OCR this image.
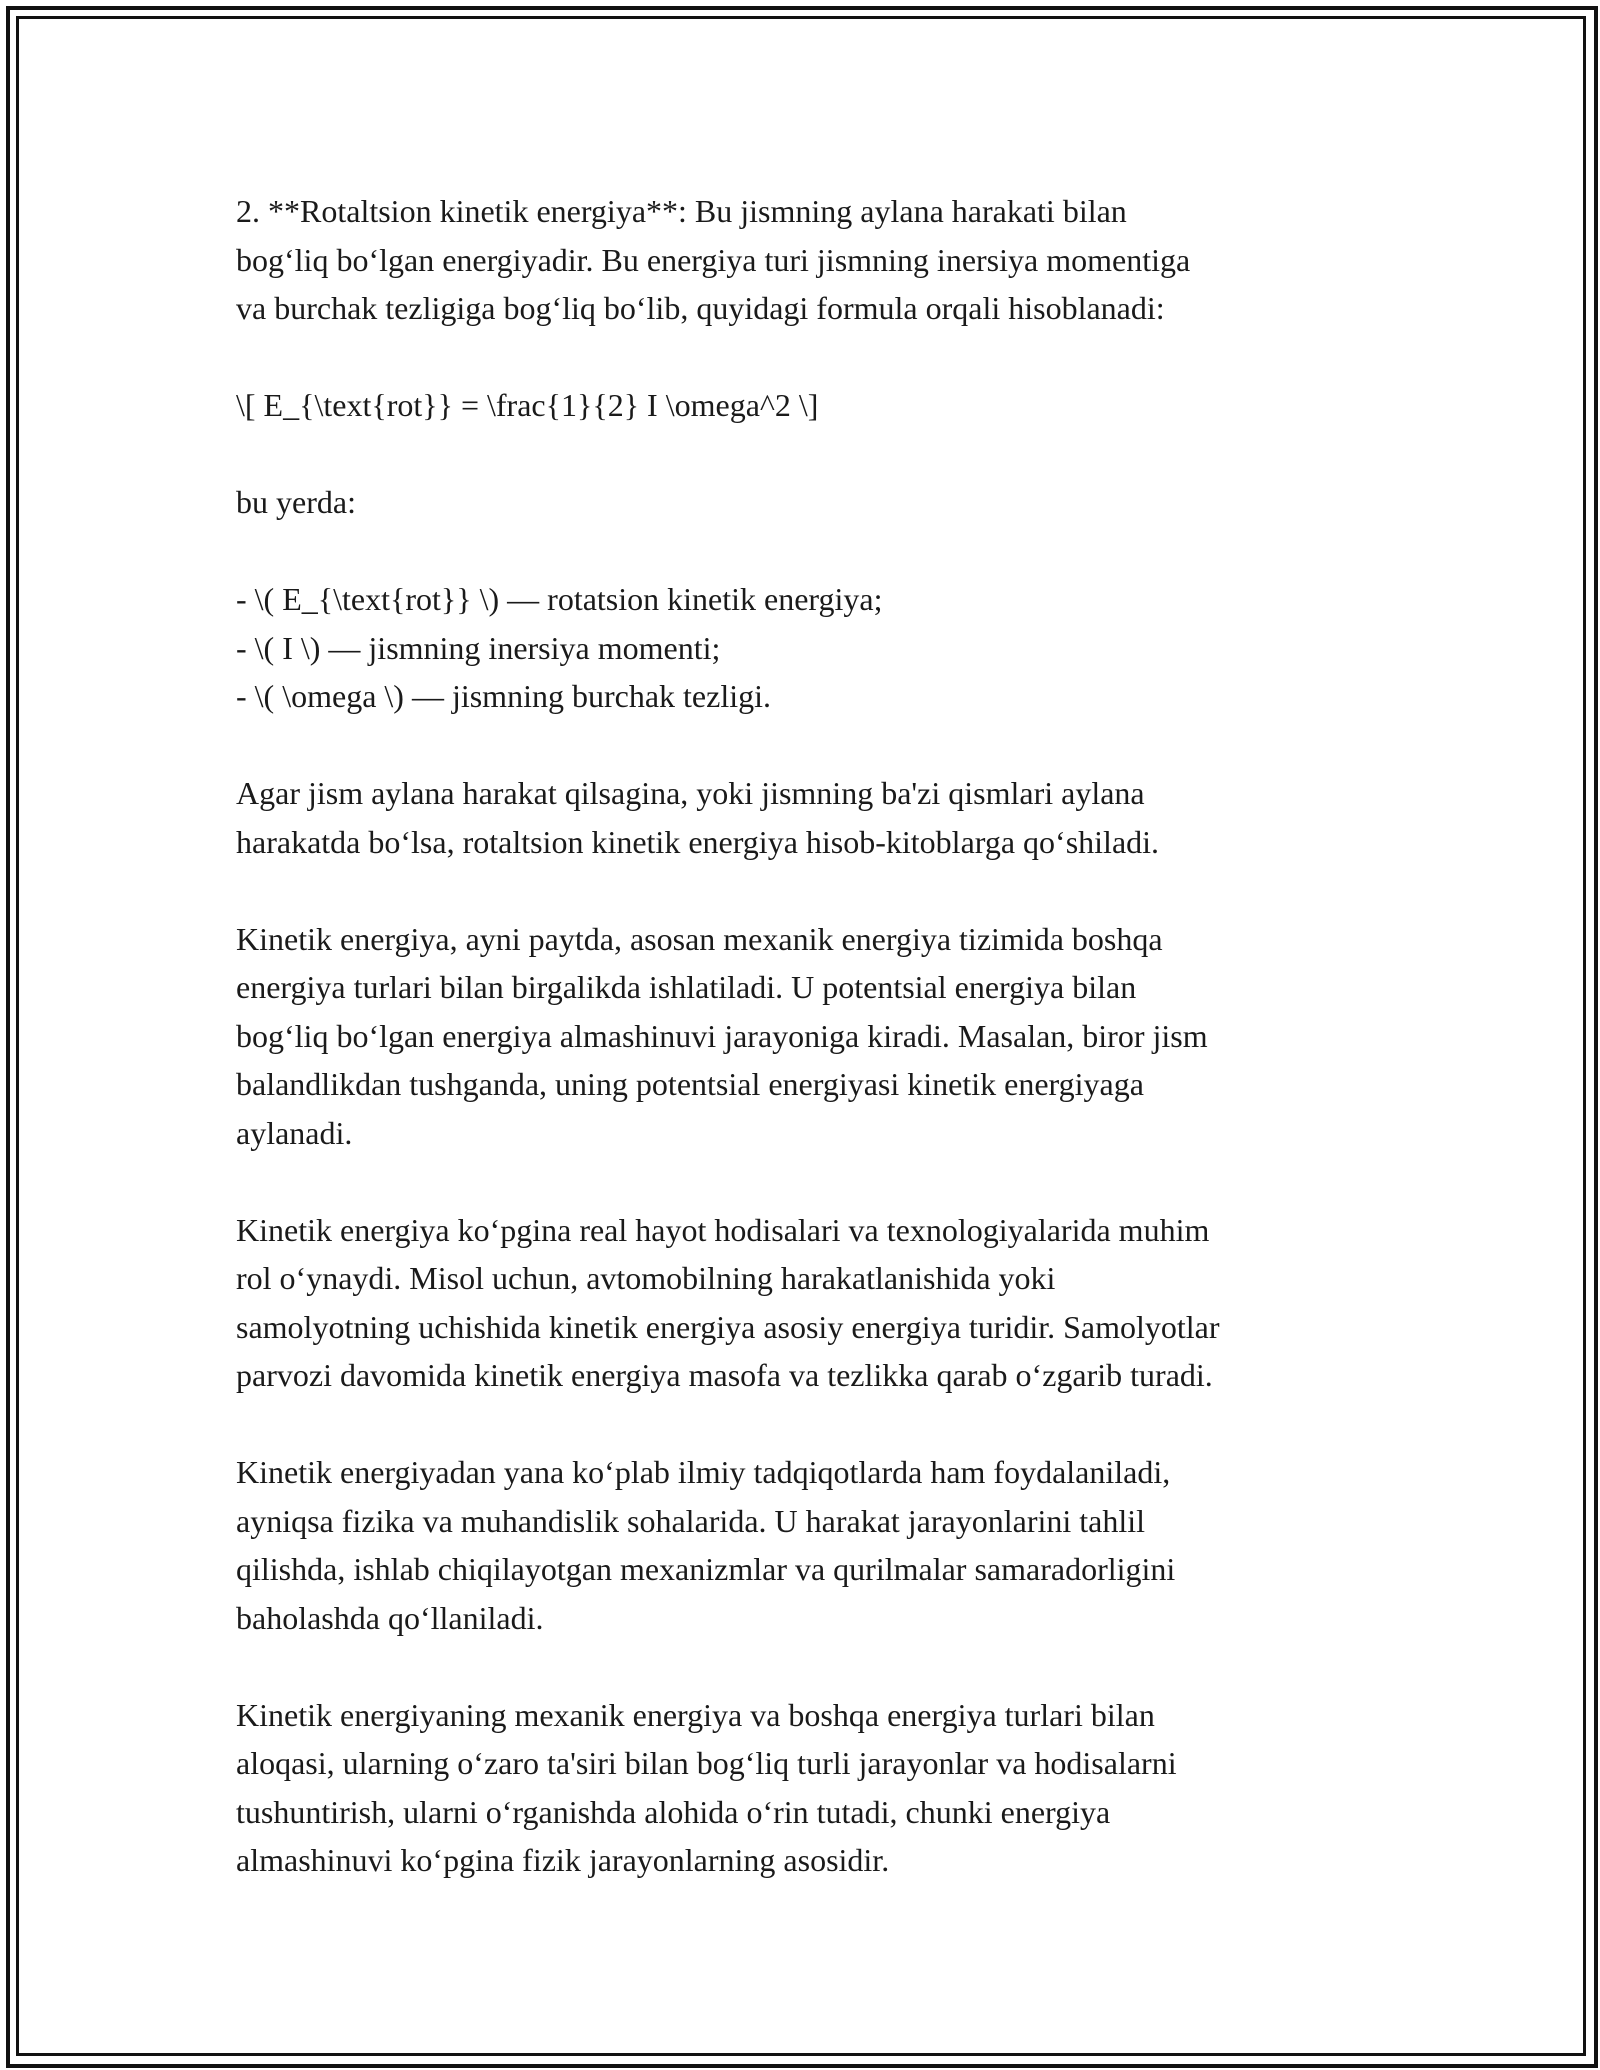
2. **Rotaltsion kinetik energiya**: Bu jismning aylana harakati bilan
bog‘liq bo‘lgan energiyadir. Bu energiya turi jismning inersiya momentiga
va burchak tezligiga bog‘liq bo‘lib, quyidagi formula orqali hisoblanadi:

\[ E_{\text{rot}} = \frac{1}{2} I \omega^2 \]

bu yerda:

- \( E_{\text{rot}} \) — rotatsion kinetik energiya;
- \( I \) — jismning inersiya momenti;
- \( \omega \) — jismning burchak tezligi.

Agar jism aylana harakat qilsagina, yoki jismning ba'zi qismlari aylana
harakatda bo‘lsa, rotaltsion kinetik energiya hisob-kitoblarga qo‘shiladi.

Kinetik energiya, ayni paytda, asosan mexanik energiya tizimida boshqa
energiya turlari bilan birgalikda ishlatiladi. U potentsial energiya bilan
bog‘liq bo‘lgan energiya almashinuvi jarayoniga kiradi. Masalan, biror jism
balandlikdan tushganda, uning potentsial energiyasi kinetik energiyaga
aylanadi.

Kinetik energiya ko‘pgina real hayot hodisalari va texnologiyalarida muhim
rol o‘ynaydi. Misol uchun, avtomobilning harakatlanishida yoki
samolyotning uchishida kinetik energiya asosiy energiya turidir. Samolyotlar
parvozi davomida kinetik energiya masofa va tezlikka qarab o‘zgarib turadi.

Kinetik energiyadan yana ko‘plab ilmiy tadqiqotlarda ham foydalaniladi,
ayniqsa fizika va muhandislik sohalarida. U harakat jarayonlarini tahlil
qilishda, ishlab chiqilayotgan mexanizmlar va qurilmalar samaradorligini
baholashda qo‘llaniladi.

Kinetik energiyaning mexanik energiya va boshqa energiya turlari bilan
aloqasi, ularning o‘zaro ta'siri bilan bog‘liq turli jarayonlar va hodisalarni
tushuntirish, ularni o‘rganishda alohida o‘rin tutadi, chunki energiya
almashinuvi ko‘pgina fizik jarayonlarning asosidir.
